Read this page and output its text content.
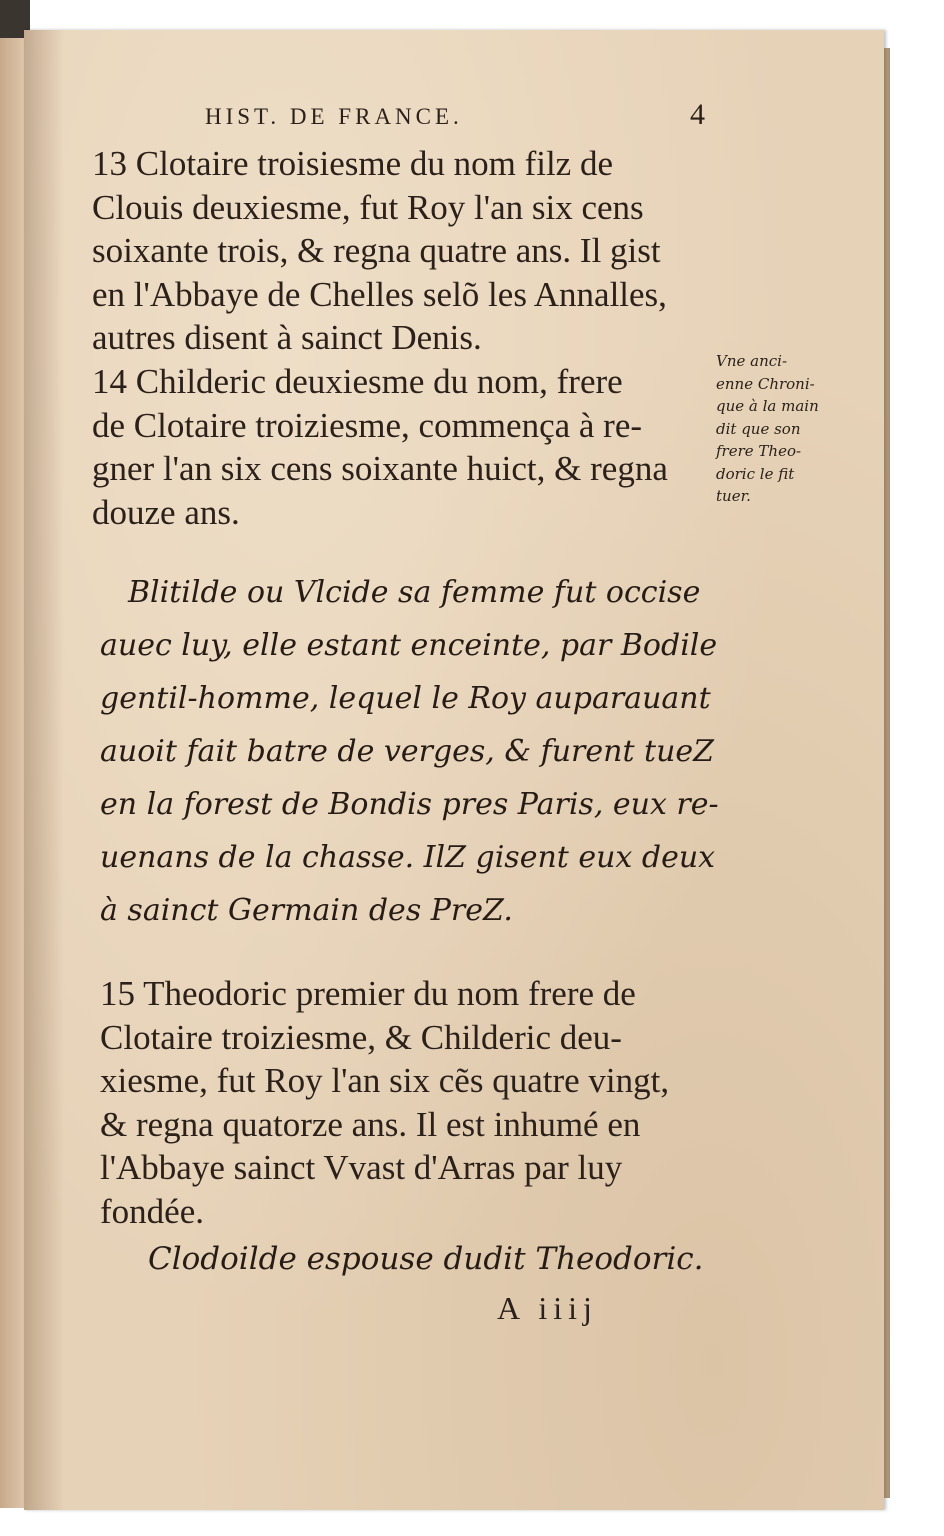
HIST. DE FRANCE.	4
13 Clotaire troisiesme du nom filz de
Clouis deuxiesme, fut Roy l'an six cens
soixante trois, & regna quatre ans. Il gist
en l'Abbaye de Chelles selõ les Annalles,
autres disent à sainct Denis.
14 Childeric deuxiesme du nom, frere
de Clotaire troiziesme, commença à re-
gner l'an six cens soixante huict, & regna
douze ans.
Vne anci-
enne Chroni-
que à la main
dit que son
frere Theo-
doric le fit
tuer.
Blitilde ou Vlcide sa femme fut occise
auec luy, elle estant enceinte, par Bodile
gentil-homme, lequel le Roy auparauant
auoit fait batre de verges, & furent tueZ
en la forest de Bondis pres Paris, eux re-
uenans de la chasse. IlZ gisent eux deux
à sainct Germain des PreZ.
15 Theodoric premier du nom frere de
Clotaire troiziesme, & Childeric deu-
xiesme, fut Roy l'an six cẽs quatre vingt,
& regna quatorze ans. Il est inhumé en
l'Abbaye sainct Vvast d'Arras par luy
fondée.
Clodoilde espouse dudit Theodoric.
A iiij
